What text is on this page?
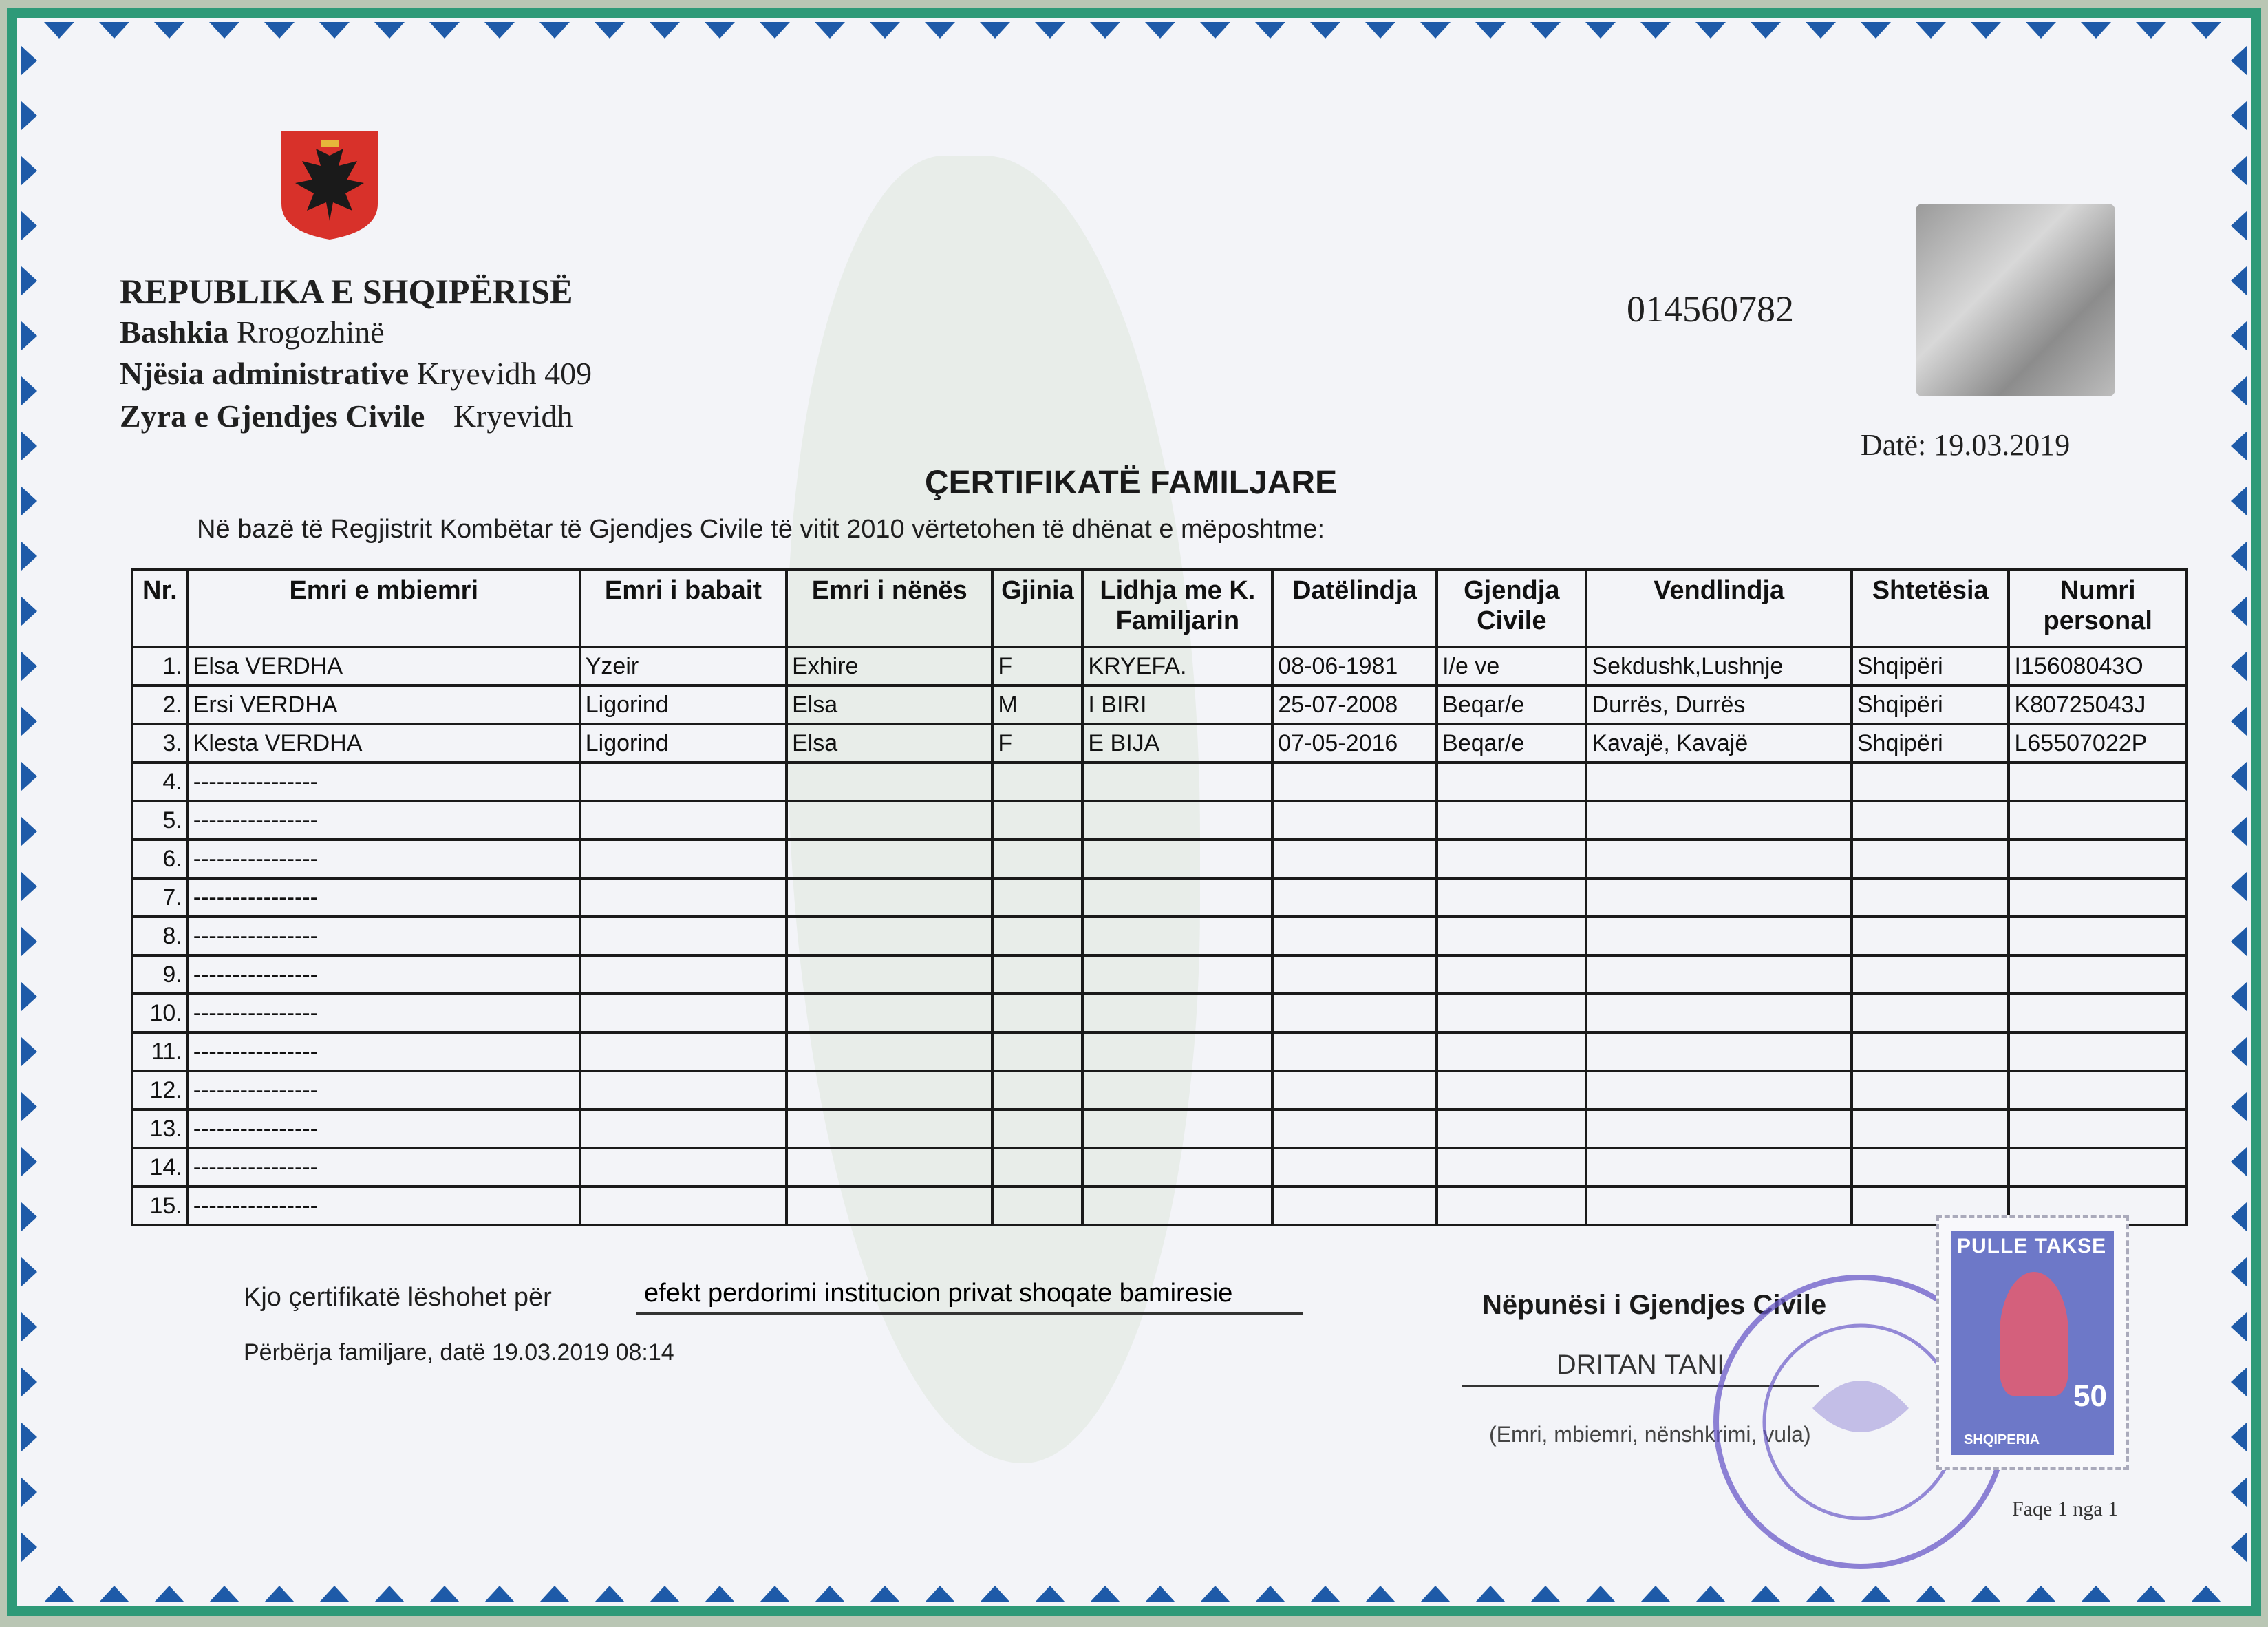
REPUBLIKA E SHQIPËRISË
Bashkia Rrogozhinë
Njësia administrative Kryevidh 409
Zyra e Gjendjes Civile Kryevidh
014560782
Datë: 19.03.2019
ÇERTIFIKATË FAMILJARE
Në bazë të Regjistrit Kombëtar të Gjendjes Civile të vitit 2010 vërtetohen të dhënat e mëposhtme:
Nr.	Emri e mbiemri	Emri i babait	Emri i nënës	Gjinia	Lidhja me K. Familjarin	Datëlindja	Gjendja Civile	Vendlindja	Shtetësia	Numri personal
1.	Elsa VERDHA	Yzeir	Exhire	F	KRYEFA.	08-06-1981	I/e ve	Sekdushk,Lushnje	Shqipëri	I15608043O
2.	Ersi VERDHA	Ligorind	Elsa	M	I BIRI	25-07-2008	Beqar/e	Durrës, Durrës	Shqipëri	K80725043J
3.	Klesta VERDHA	Ligorind	Elsa	F	E BIJA	07-05-2016	Beqar/e	Kavajë, Kavajë	Shqipëri	L65507022P
4.	----------------									
5.	----------------									
6.	----------------									
7.	----------------									
8.	----------------									
9.	----------------									
10.	----------------									
11.	----------------									
12.	----------------									
13.	----------------									
14.	----------------									
15.	----------------									
Kjo çertifikatë lëshohet për	efekt perdorimi institucion privat shoqate bamiresie
Përbërja familjare, datë 19.03.2019 08:14
Nëpunësi i Gjendjes Civile
DRITAN TANI
(Emri, mbiemri, nënshkrimi, vula)
Faqe 1 nga 1
PULLE TAKSE
50
SHQIPERIA
